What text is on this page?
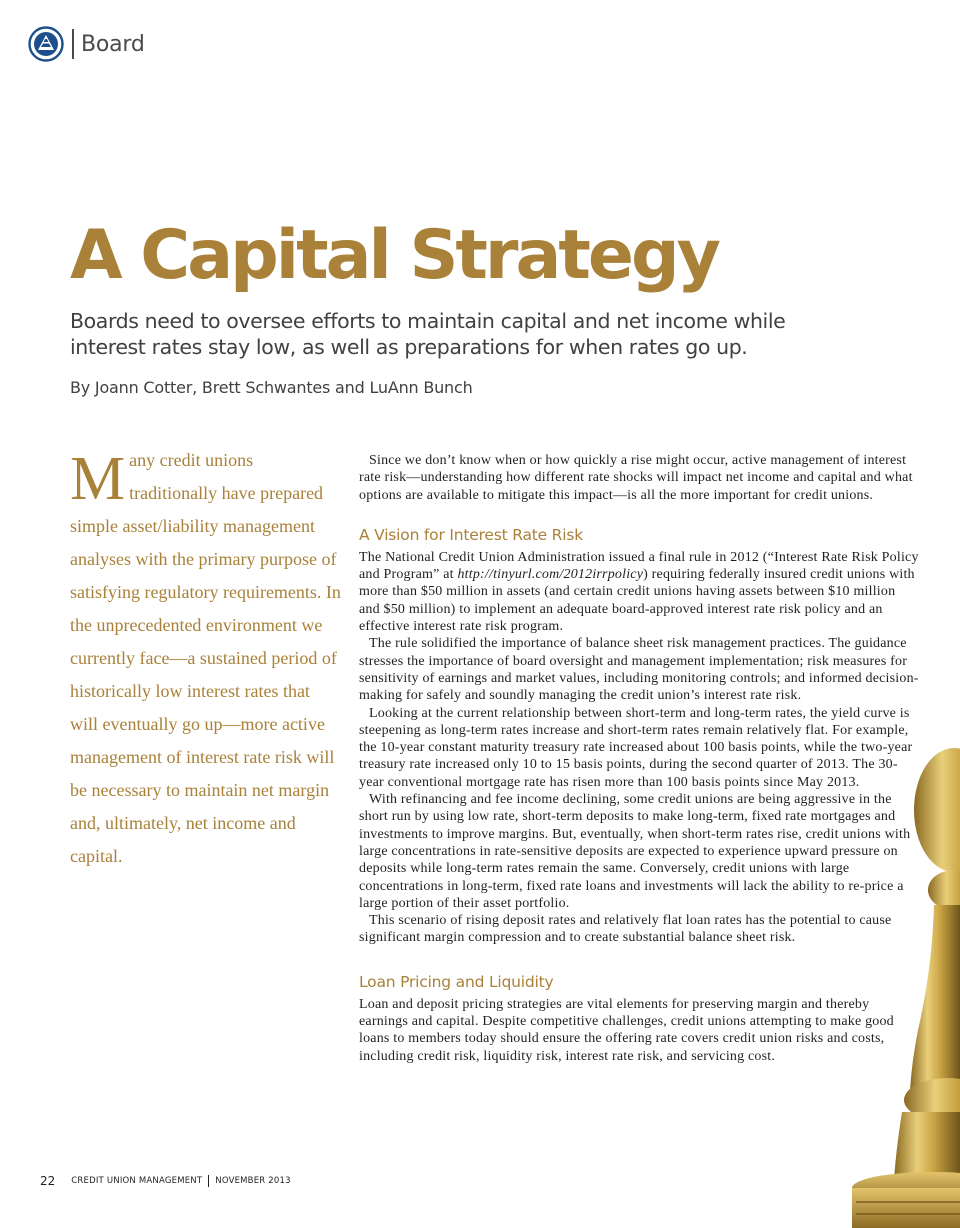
Board
A Capital Strategy

Boards need to oversee efforts to maintain capital and net income while interest rates stay low, as well as preparations for when rates go up.

By Joann Cotter, Brett Schwantes and LuAnn Bunch

M any credit unions
traditionally have prepared simple asset/liability management analyses with the primary purpose of satisfying regulatory requirements. In the unprecedented environment we currently face—a sustained period of historically low interest rates that will eventually go up—more active management of interest rate risk will be necessary to maintain net margin and, ultimately, net income and capital.

Since we don’t know when or how quickly a rise might occur, active management of interest rate risk—understanding how different rate shocks will impact net income and capital and what options are available to mitigate this impact—is all the more important for credit unions.

A Vision for Interest Rate Risk

The National Credit Union Administration issued a final rule in 2012 (“Interest Rate Risk Policy and Program” at http://tinyurl.com/2012irrpolicy) requiring federally insured credit unions with more than $50 million in assets (and certain credit unions having assets between $10 million and $50 million) to implement an adequate board-approved interest rate risk policy and an effective interest rate risk program.

The rule solidified the importance of balance sheet risk management practices. The guidance stresses the importance of board oversight and management implementation; risk measures for sensitivity of earnings and market values, including monitoring controls; and informed decision-making for safely and soundly managing the credit union’s interest rate risk.

Looking at the current relationship between short-term and long-term rates, the yield curve is steepening as long-term rates increase and short-term rates remain relatively flat. For example, the 10-year constant maturity treasury rate increased about 100 basis points, while the two-year treasury rate increased only 10 to 15 basis points, during the second quarter of 2013. The 30-year conventional mortgage rate has risen more than 100 basis points since May 2013.

With refinancing and fee income declining, some credit unions are being aggressive in the short run by using low rate, short-term deposits to make long-term, fixed rate mortgages and investments to improve margins. But, eventually, when short-term rates rise, credit unions with large concentrations in rate-sensitive deposits are expected to experience upward pressure on deposits while long-term rates remain the same. Conversely, credit unions with large concentrations in long-term, fixed rate loans and investments will lack the ability to re-price a large portion of their asset portfolio.

This scenario of rising deposit rates and relatively flat loan rates has the potential to cause significant margin compression and to create substantial balance sheet risk.

Loan Pricing and Liquidity

Loan and deposit pricing strategies are vital elements for preserving margin and thereby earnings and capital. Despite competitive challenges, credit unions attempting to make good loans to members today should ensure the offering rate covers credit union risks and costs, including credit risk, liquidity risk, interest rate risk, and servicing cost.

22 CREDIT UNION MANAGEMENT NOVEMBER 2013
